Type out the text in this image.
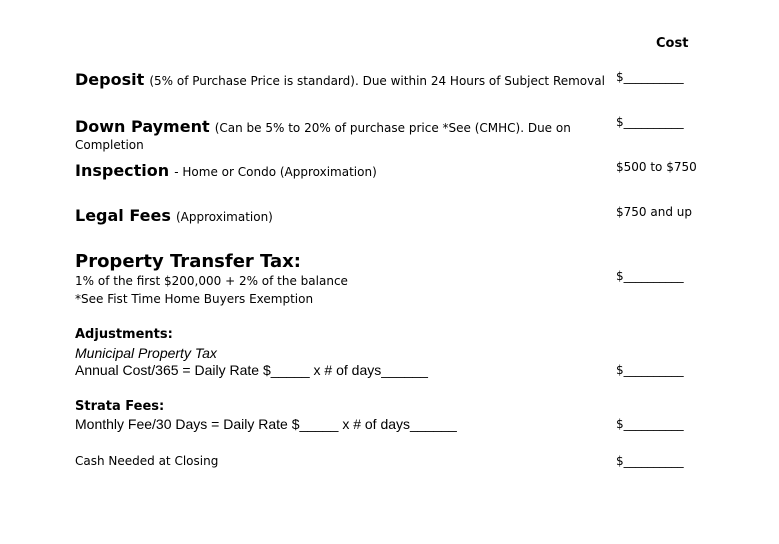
Cost
Deposit (5% of Purchase Price is standard). Due within 24 Hours of Subject Removal $__________
Down Payment (Can be 5% to 20% of purchase price *See (CMHC). Due on
Completion
$__________
Inspection - Home or Condo (Approximation)	$500 to $750
Legal Fees (Approximation)	$750 and up
Property Transfer Tax:
1% of the first $200,000 + 2% of the balance
*See Fist Time Home Buyers Exemption
$__________
Adjustments:
Municipal Property Tax
Annual Cost/365 = Daily Rate $_____ x # of days______	$__________
Strata Fees:
Monthly Fee/30 Days = Daily Rate $_____ x # of days______	$__________
Cash Needed at Closing	$__________
